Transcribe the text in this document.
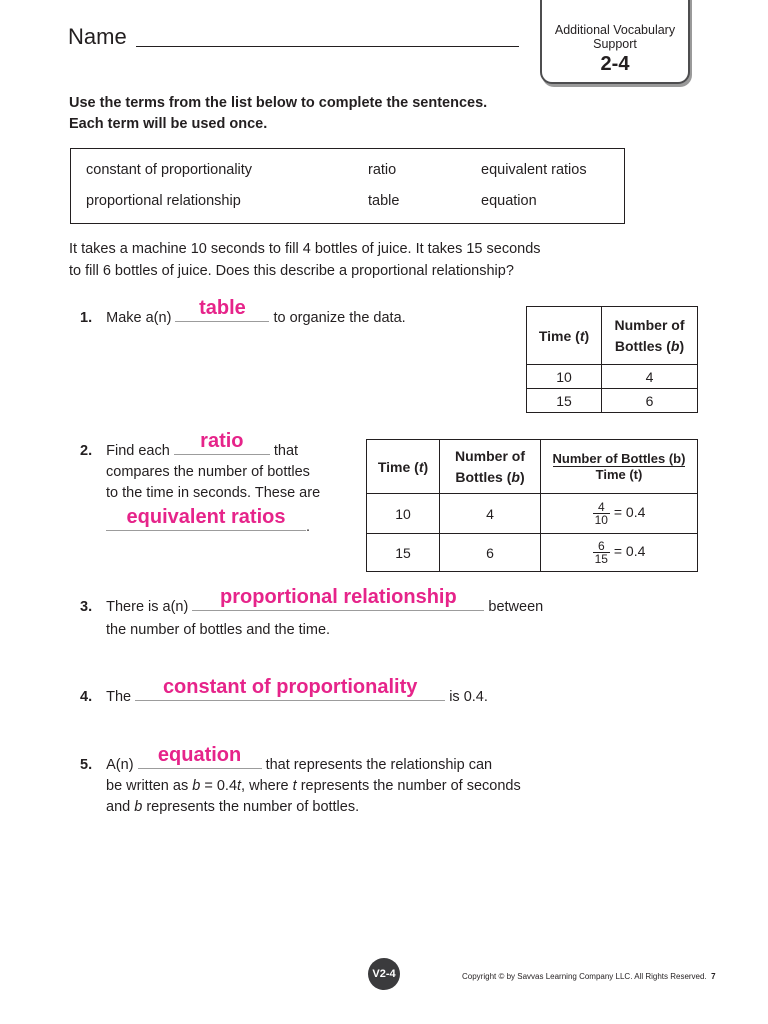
Name	Additional Vocabulary Support
2-4
Use the terms from the list below to complete the sentences.
Each term will be used once.
constant of proportionality	ratio	equivalent ratios
proportional relationship	table	equation
It takes a machine 10 seconds to fill 4 bottles of juice. It takes 15 seconds
to fill 6 bottles of juice. Does this describe a proportional relationship?
1. Make a(n)	table	to organize the data.
Time (t)	Number of
Bottles (b)
10	4
15	6
2. Find each	ratio	that
compares the number of bottles
to the time in seconds. These are
equivalent ratios	.
Time (t)	Number of
Bottles (b)	Number of Bottles (b)
Time (t)
10	4	$\frac{4}{10} = 0.4$
15	6	$\frac{6}{15} = 0.4$
3. There is a(n)	proportional relationship	between
the number of bottles and the time.
4. The	constant of proportionality	is 0.4.
5. A(n)	equation	that represents the relationship can
be written as b = 0.4t, where t represents the number of seconds
and b represents the number of bottles.
V2-4	Copyright © by Savvas Learning Company LLC. All Rights Reserved. 7
